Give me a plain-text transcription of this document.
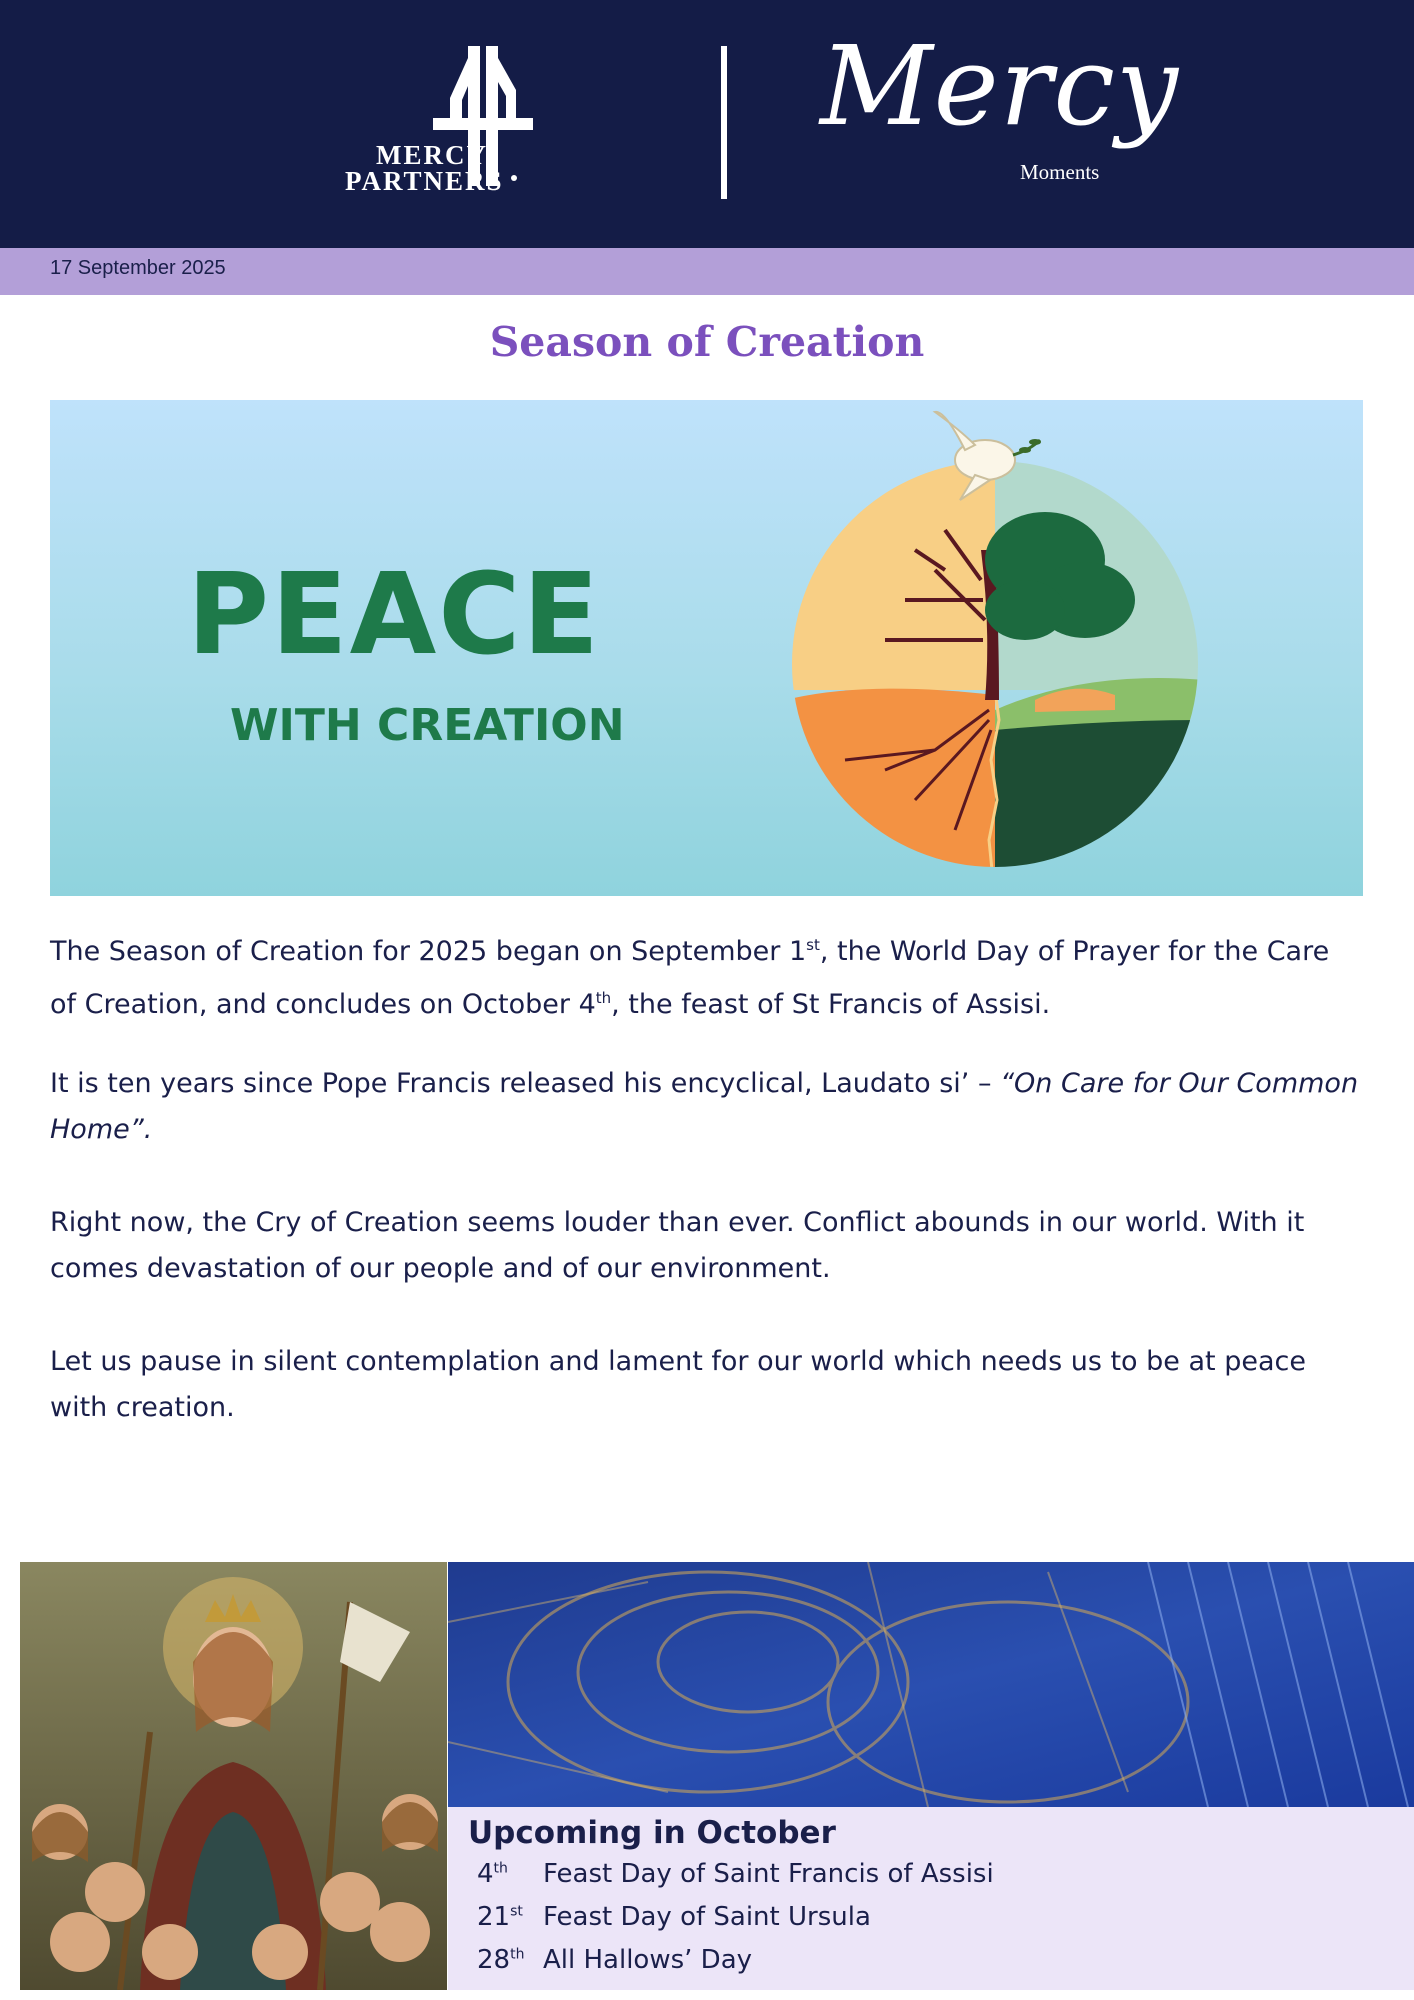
MERCY
PARTNERS
Mercy
Moments
17 September 2025
Season of Creation
PEACE
WITH CREATION
The Season of Creation for 2025 began on September 1st, the World Day of Prayer for the Care of Creation, and concludes on October 4th, the feast of St Francis of Assisi.
It is ten years since Pope Francis released his encyclical, Laudato si’ – “On Care for Our Common Home”.
Right now, the Cry of Creation seems louder than ever. Conflict abounds in our world. With it comes devastation of our people and of our environment.
Let us pause in silent contemplation and lament for our world which needs us to be at peace with creation.
Upcoming in October
4th Feast Day of Saint Francis of Assisi
21st Feast Day of Saint Ursula
28th All Hallows’ Day
